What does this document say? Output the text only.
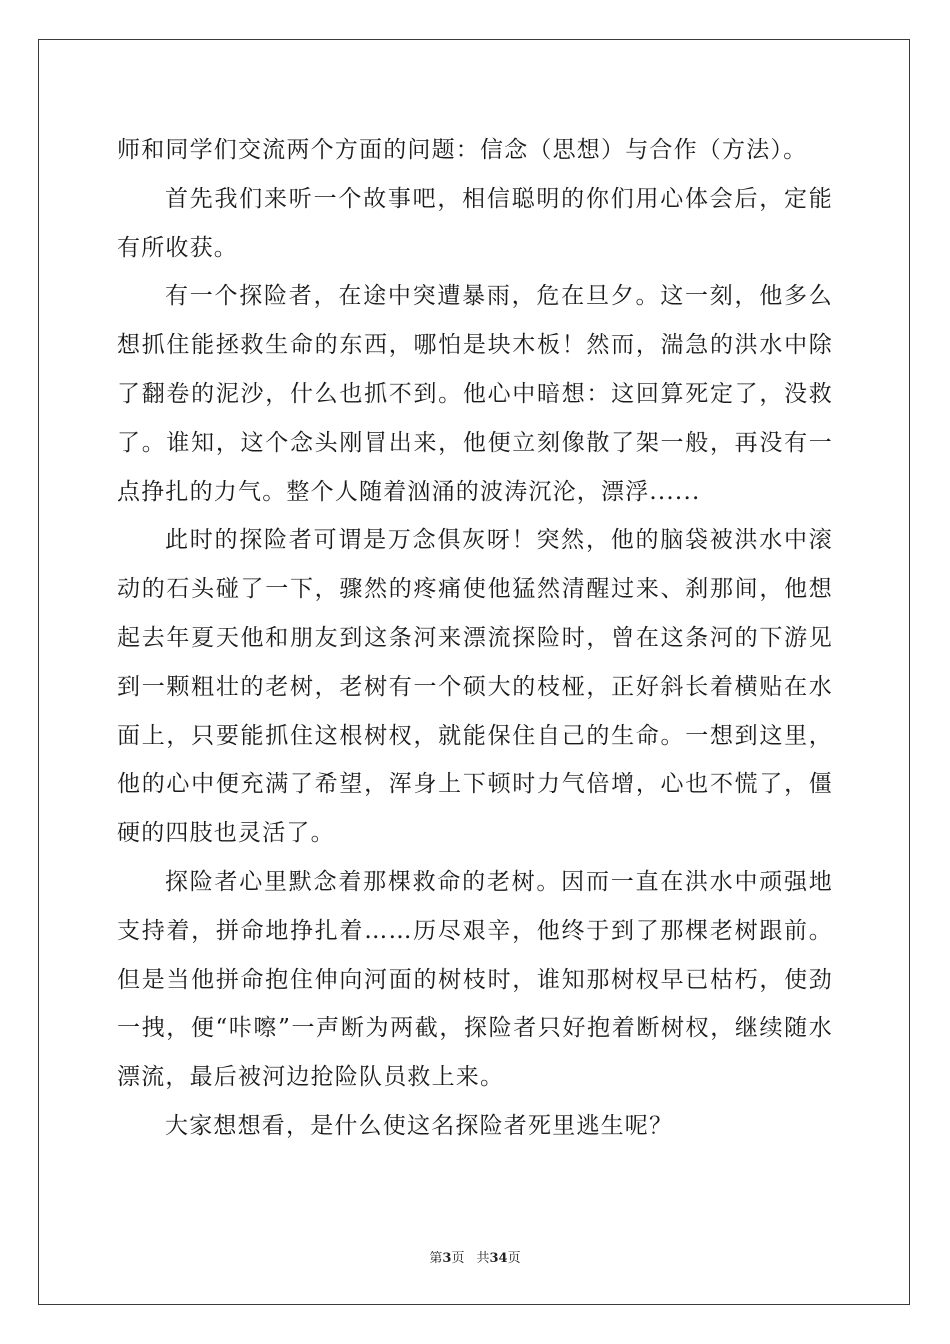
师和同学们交流两个方面的问题：信念（思想）与合作（方法）。

首先我们来听一个故事吧，相信聪明的你们用心体会后，定能有所收获。

有一个探险者，在途中突遭暴雨，危在旦夕。这一刻，他多么想抓住能拯救生命的东西，哪怕是块木板！然而，湍急的洪水中除了翻卷的泥沙，什么也抓不到。他心中暗想：这回算死定了，没救了。谁知，这个念头刚冒出来，他便立刻像散了架一般，再没有一点挣扎的力气。整个人随着汹涌的波涛沉沦，漂浮......

此时的探险者可谓是万念俱灰呀！突然，他的脑袋被洪水中滚动的石头碰了一下，骤然的疼痛使他猛然清醒过来、刹那间，他想起去年夏天他和朋友到这条河来漂流探险时，曾在这条河的下游见到一颗粗壮的老树，老树有一个硕大的枝桠，正好斜长着横贴在水面上，只要能抓住这根树杈，就能保住自己的生命。一想到这里，他的心中便充满了希望，浑身上下顿时力气倍增，心也不慌了，僵硬的四肢也灵活了。

探险者心里默念着那棵救命的老树。因而一直在洪水中顽强地支持着，拼命地挣扎着……历尽艰辛，他终于到了那棵老树跟前。但是当他拼命抱住伸向河面的树枝时，谁知那树杈早已枯朽，使劲一拽，便“咔嚓”一声断为两截，探险者只好抱着断树杈，继续随水漂流，最后被河边抢险队员救上来。

大家想想看，是什么使这名探险者死里逃生呢？

第3页 共34页
